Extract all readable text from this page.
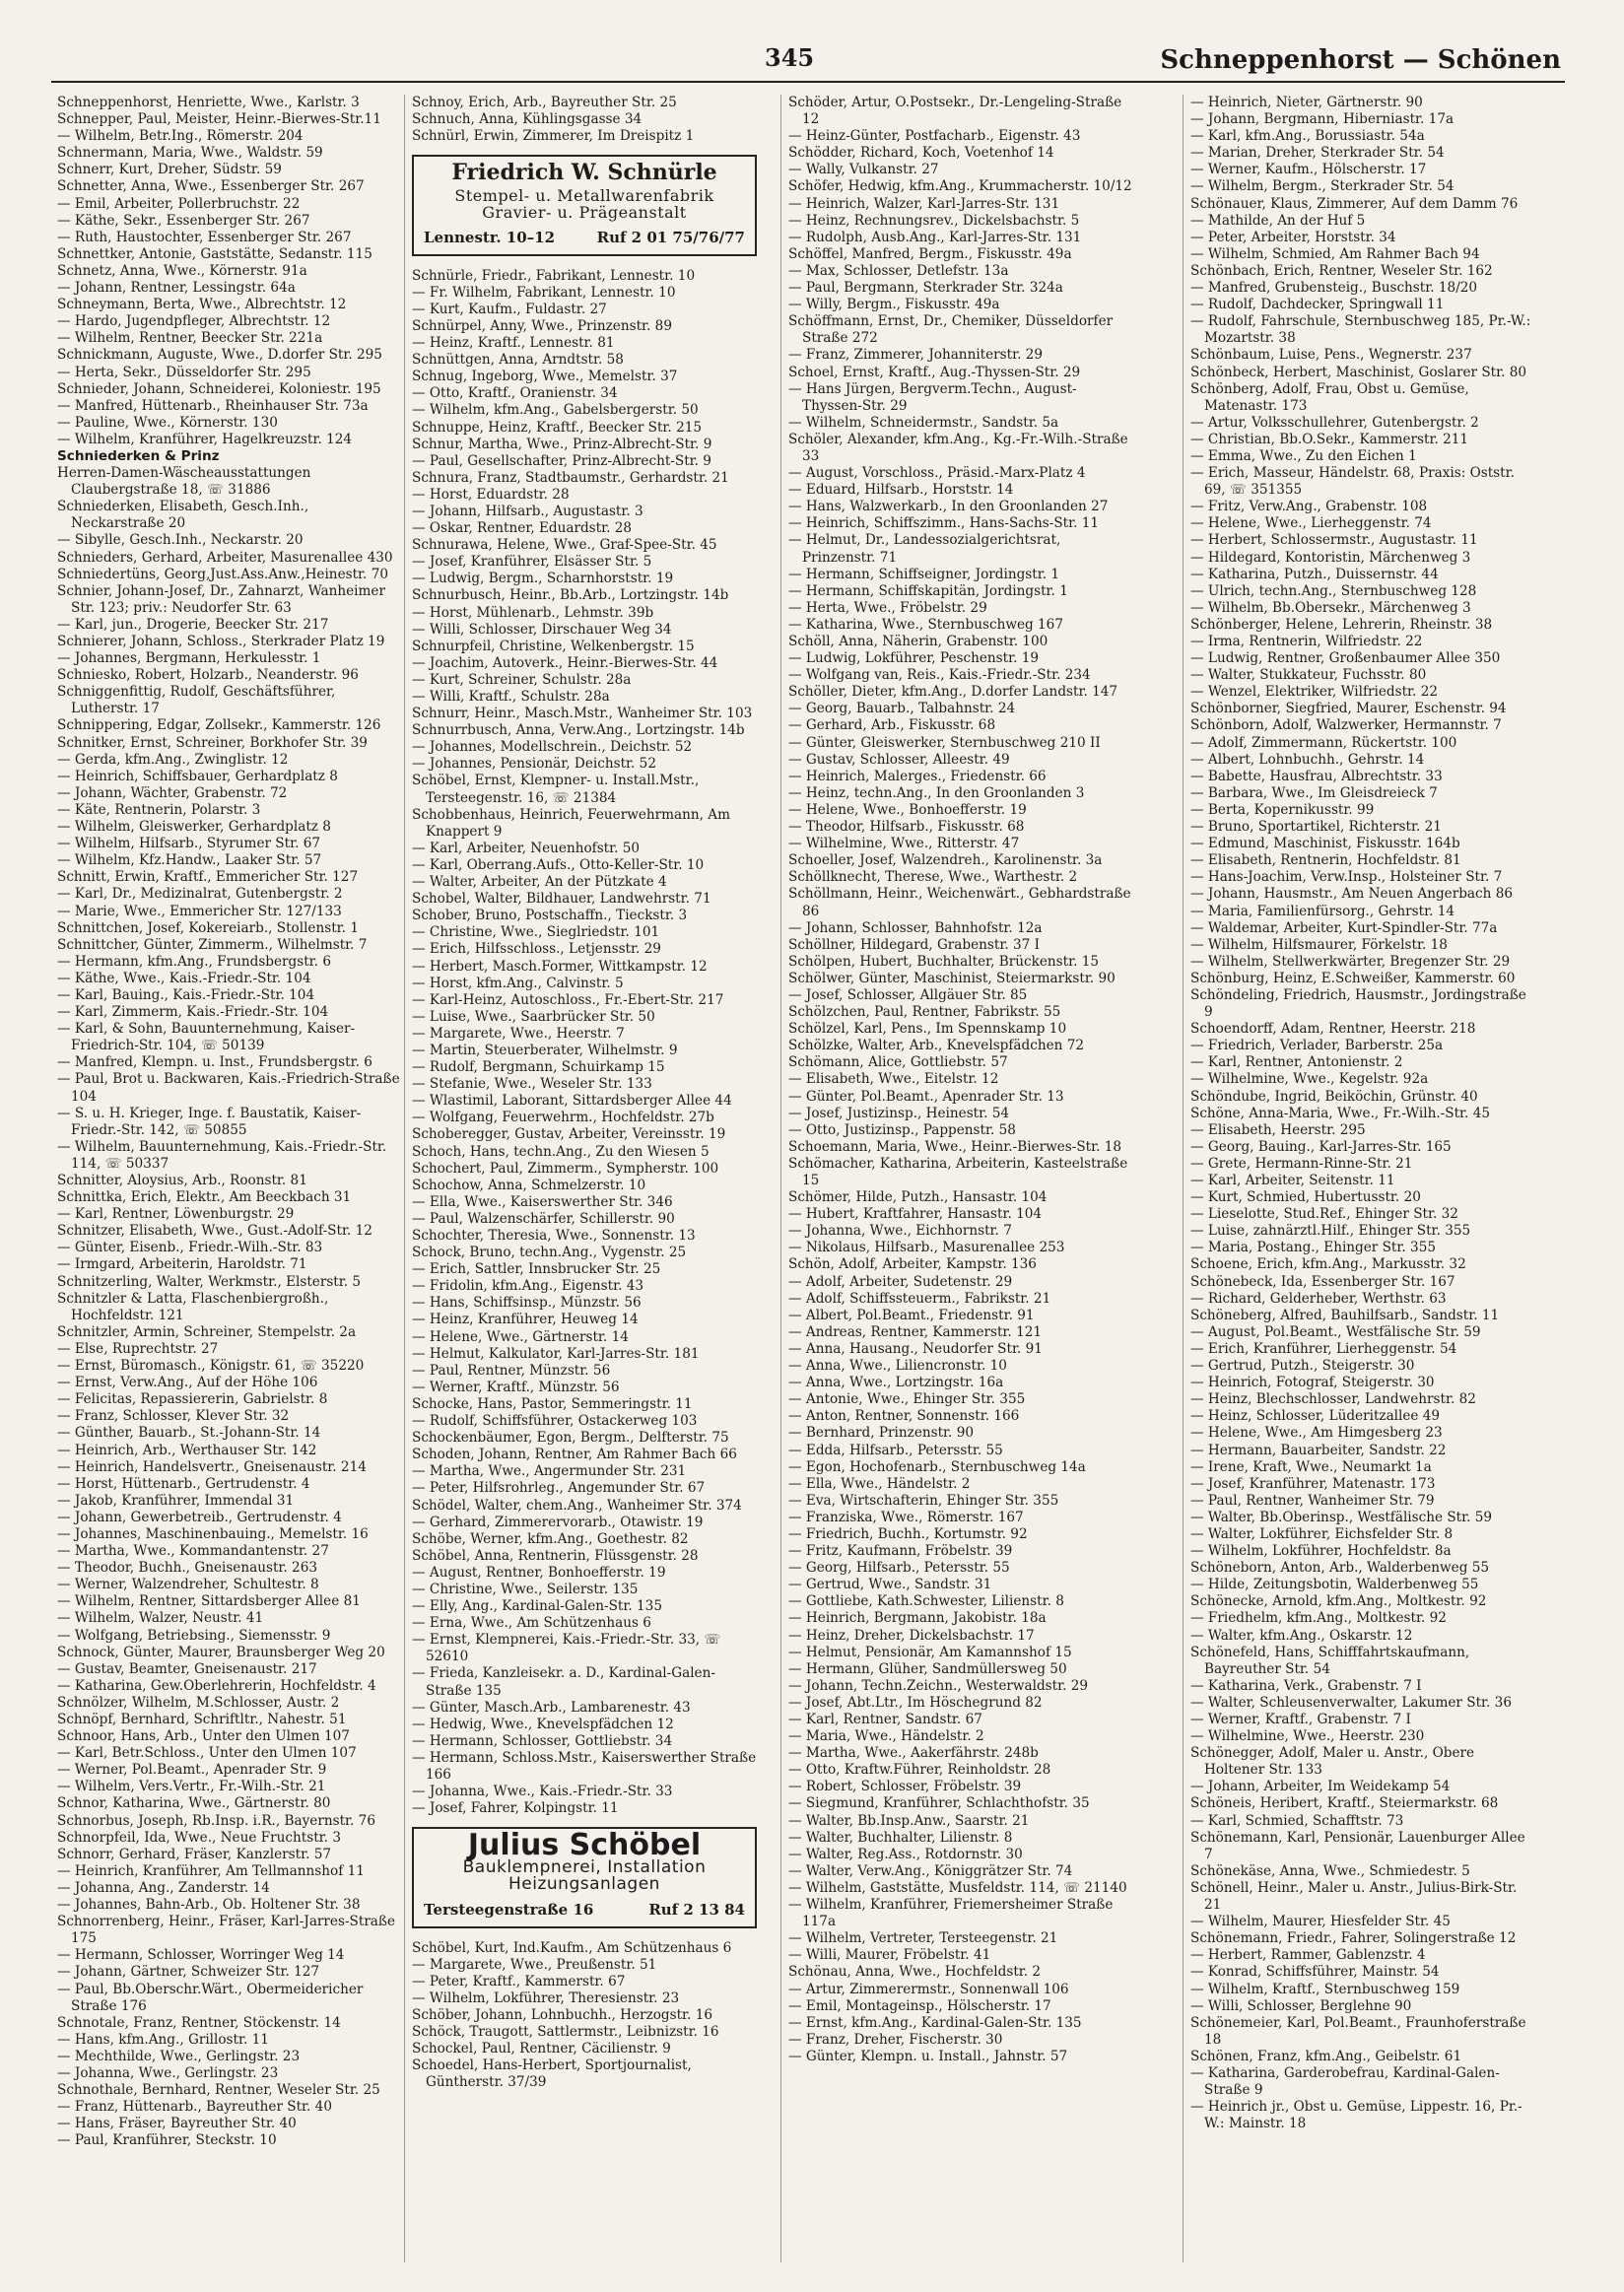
345	Schneppenhorst — Schönen

Schneppenhorst, Henriette, Wwe., Karlstr. 3

Schnepper, Paul, Meister, Heinr.-Bierwes-Str.11

— Wilhelm, Betr.Ing., Römerstr. 204

Schnermann, Maria, Wwe., Waldstr. 59

Schnerr, Kurt, Dreher, Südstr. 59

Schnetter, Anna, Wwe., Essenberger Str. 267

— Emil, Arbeiter, Pollerbruchstr. 22

— Käthe, Sekr., Essenberger Str. 267

— Ruth, Haustochter, Essenberger Str. 267

Schnettker, Antonie, Gaststätte, Sedanstr. 115

Schnetz, Anna, Wwe., Körnerstr. 91a

— Johann, Rentner, Lessingstr. 64a

Schneymann, Berta, Wwe., Albrechtstr. 12

— Hardo, Jugendpfleger, Albrechtstr. 12

— Wilhelm, Rentner, Beecker Str. 221a

Schnickmann, Auguste, Wwe., D.dorfer Str. 295

— Herta, Sekr., Düsseldorfer Str. 295

Schnieder, Johann, Schneiderei, Koloniestr. 195

— Manfred, Hüttenarb., Rheinhauser Str. 73a

— Pauline, Wwe., Körnerstr. 130

— Wilhelm, Kranführer, Hagelkreuzstr. 124

Schniederken & Prinz

Herren-Damen-Wäscheausstattungen Claubergstraße 18, ☏ 31886

Schniederken, Elisabeth, Gesch.Inh., Neckarstraße 20

— Sibylle, Gesch.Inh., Neckarstr. 20

Schnieders, Gerhard, Arbeiter, Masurenallee 430

Schniedertüns, Georg,Just.Ass.Anw.,Heinestr. 70

Schnier, Johann-Josef, Dr., Zahnarzt, Wanheimer Str. 123; priv.: Neudorfer Str. 63

— Karl, jun., Drogerie, Beecker Str. 217

Schnierer, Johann, Schloss., Sterkrader Platz 19

— Johannes, Bergmann, Herkulesstr. 1

Schniesko, Robert, Holzarb., Neanderstr. 96

Schniggenfittig, Rudolf, Geschäftsführer, Lutherstr. 17

Schnippering, Edgar, Zollsekr., Kammerstr. 126

Schnitker, Ernst, Schreiner, Borkhofer Str. 39

— Gerda, kfm.Ang., Zwinglistr. 12

— Heinrich, Schiffsbauer, Gerhardplatz 8

— Johann, Wächter, Grabenstr. 72

— Käte, Rentnerin, Polarstr. 3

— Wilhelm, Gleiswerker, Gerhardplatz 8

— Wilhelm, Hilfsarb., Styrumer Str. 67

— Wilhelm, Kfz.Handw., Laaker Str. 57

Schnitt, Erwin, Kraftf., Emmericher Str. 127

— Karl, Dr., Medizinalrat, Gutenbergstr. 2

— Marie, Wwe., Emmericher Str. 127/133

Schnittchen, Josef, Kokereiarb., Stollenstr. 1

Schnittcher, Günter, Zimmerm., Wilhelmstr. 7

— Hermann, kfm.Ang., Frundsbergstr. 6

— Käthe, Wwe., Kais.-Friedr.-Str. 104

— Karl, Bauing., Kais.-Friedr.-Str. 104

— Karl, Zimmerm, Kais.-Friedr.-Str. 104

— Karl, & Sohn, Bauunternehmung, Kaiser-Friedrich-Str. 104, ☏ 50139

— Manfred, Klempn. u. Inst., Frundsbergstr. 6

— Paul, Brot u. Backwaren, Kais.-Friedrich-Straße 104

— S. u. H. Krieger, Inge. f. Baustatik, Kaiser-Friedr.-Str. 142, ☏ 50855

— Wilhelm, Bauunternehmung, Kais.-Friedr.-Str. 114, ☏ 50337

Schnitter, Aloysius, Arb., Roonstr. 81

Schnittka, Erich, Elektr., Am Beeckbach 31

— Karl, Rentner, Löwenburgstr. 29

Schnitzer, Elisabeth, Wwe., Gust.-Adolf-Str. 12

— Günter, Eisenb., Friedr.-Wilh.-Str. 83

— Irmgard, Arbeiterin, Haroldstr. 71

Schnitzerling, Walter, Werkmstr., Elsterstr. 5

Schnitzler & Latta, Flaschenbiergroßh., Hochfeldstr. 121

Schnitzler, Armin, Schreiner, Stempelstr. 2a

— Else, Ruprechtstr. 27

— Ernst, Büromasch., Königstr. 61, ☏ 35220

— Ernst, Verw.Ang., Auf der Höhe 106

— Felicitas, Repassiererin, Gabrielstr. 8

— Franz, Schlosser, Klever Str. 32

— Günther, Bauarb., St.-Johann-Str. 14

— Heinrich, Arb., Werthauser Str. 142

— Heinrich, Handelsvertr., Gneisenaustr. 214

— Horst, Hüttenarb., Gertrudenstr. 4

— Jakob, Kranführer, Immendal 31

— Johann, Gewerbetreib., Gertrudenstr. 4

— Johannes, Maschinenbauing., Memelstr. 16

— Martha, Wwe., Kommandantenstr. 27

— Theodor, Buchh., Gneisenaustr. 263

— Werner, Walzendreher, Schultestr. 8

— Wilhelm, Rentner, Sittardsberger Allee 81

— Wilhelm, Walzer, Neustr. 41

— Wolfgang, Betriebsing., Siemensstr. 9

Schnock, Günter, Maurer, Braunsberger Weg 20

— Gustav, Beamter, Gneisenaustr. 217

— Katharina, Gew.Oberlehrerin, Hochfeldstr. 4

Schnölzer, Wilhelm, M.Schlosser, Austr. 2

Schnöpf, Bernhard, Schriftltr., Nahestr. 51

Schnoor, Hans, Arb., Unter den Ulmen 107

— Karl, Betr.Schloss., Unter den Ulmen 107

— Werner, Pol.Beamt., Apenrader Str. 9

— Wilhelm, Vers.Vertr., Fr.-Wilh.-Str. 21

Schnor, Katharina, Wwe., Gärtnerstr. 80

Schnorbus, Joseph, Rb.Insp. i.R., Bayernstr. 76

Schnorpfeil, Ida, Wwe., Neue Fruchtstr. 3

Schnorr, Gerhard, Fräser, Kanzlerstr. 57

— Heinrich, Kranführer, Am Tellmannshof 11

— Johanna, Ang., Zanderstr. 14

— Johannes, Bahn-Arb., Ob. Holtener Str. 38

Schnorrenberg, Heinr., Fräser, Karl-Jarres-Straße 175

— Hermann, Schlosser, Worringer Weg 14

— Johann, Gärtner, Schweizer Str. 127

— Paul, Bb.Oberschr.Wärt., Obermeidericher Straße 176

Schnotale, Franz, Rentner, Stöckenstr. 14

— Hans, kfm.Ang., Grillostr. 11

— Mechthilde, Wwe., Gerlingstr. 23

— Johanna, Wwe., Gerlingstr. 23

Schnothale, Bernhard, Rentner, Weseler Str. 25

— Franz, Hüttenarb., Bayreuther Str. 40

— Hans, Fräser, Bayreuther Str. 40

— Paul, Kranführer, Steckstr. 10

Schnoy, Erich, Arb., Bayreuther Str. 25

Schnuch, Anna, Kühlingsgasse 34

Schnürl, Erwin, Zimmerer, Im Dreispitz 1

Friedrich W. Schnürle
Stempel- u. Metallwarenfabrik
Gravier- u. Prägeanstalt
Lennestr. 10–12	Ruf 2 01 75/76/77

Schnürle, Friedr., Fabrikant, Lennestr. 10

— Fr. Wilhelm, Fabrikant, Lennestr. 10

— Kurt, Kaufm., Fuldastr. 27

Schnürpel, Anny, Wwe., Prinzenstr. 89

— Heinz, Kraftf., Lennestr. 81

Schnüttgen, Anna, Arndtstr. 58

Schnug, Ingeborg, Wwe., Memelstr. 37

— Otto, Kraftf., Oranienstr. 34

— Wilhelm, kfm.Ang., Gabelsbergerstr. 50

Schnuppe, Heinz, Kraftf., Beecker Str. 215

Schnur, Martha, Wwe., Prinz-Albrecht-Str. 9

— Paul, Gesellschafter, Prinz-Albrecht-Str. 9

Schnura, Franz, Stadtbaumstr., Gerhardstr. 21

— Horst, Eduardstr. 28

— Johann, Hilfsarb., Augustastr. 3

— Oskar, Rentner, Eduardstr. 28

Schnurawa, Helene, Wwe., Graf-Spee-Str. 45

— Josef, Kranführer, Elsässer Str. 5

— Ludwig, Bergm., Scharnhorststr. 19

Schnurbusch, Heinr., Bb.Arb., Lortzingstr. 14b

— Horst, Mühlenarb., Lehmstr. 39b

— Willi, Schlosser, Dirschauer Weg 34

Schnurpfeil, Christine, Welkenbergstr. 15

— Joachim, Autoverk., Heinr.-Bierwes-Str. 44

— Kurt, Schreiner, Schulstr. 28a

— Willi, Kraftf., Schulstr. 28a

Schnurr, Heinr., Masch.Mstr., Wanheimer Str. 103

Schnurrbusch, Anna, Verw.Ang., Lortzingstr. 14b

— Johannes, Modellschrein., Deichstr. 52

— Johannes, Pensionär, Deichstr. 52

Schöbel, Ernst, Klempner- u. Install.Mstr., Tersteegenstr. 16, ☏ 21384

Schobbenhaus, Heinrich, Feuerwehrmann, Am Knappert 9

— Karl, Arbeiter, Neuenhofstr. 50

— Karl, Oberrang.Aufs., Otto-Keller-Str. 10

— Walter, Arbeiter, An der Pützkate 4

Schobel, Walter, Bildhauer, Landwehrstr. 71

Schober, Bruno, Postschaffn., Tieckstr. 3

— Christine, Wwe., Sieglriedstr. 101

— Erich, Hilfsschloss., Letjensstr. 29

— Herbert, Masch.Former, Wittkampstr. 12

— Horst, kfm.Ang., Calvinstr. 5

— Karl-Heinz, Autoschloss., Fr.-Ebert-Str. 217

— Luise, Wwe., Saarbrücker Str. 50

— Margarete, Wwe., Heerstr. 7

— Martin, Steuerberater, Wilhelmstr. 9

— Rudolf, Bergmann, Schuirkamp 15

— Stefanie, Wwe., Weseler Str. 133

— Wlastimil, Laborant, Sittardsberger Allee 44

— Wolfgang, Feuerwehrm., Hochfeldstr. 27b

Schoberegger, Gustav, Arbeiter, Vereinsstr. 19

Schoch, Hans, techn.Ang., Zu den Wiesen 5

Schochert, Paul, Zimmerm., Sympherstr. 100

Schochow, Anna, Schmelzerstr. 10

— Ella, Wwe., Kaiserswerther Str. 346

— Paul, Walzenschärfer, Schillerstr. 90

Schochter, Theresia, Wwe., Sonnenstr. 13

Schock, Bruno, techn.Ang., Vygenstr. 25

— Erich, Sattler, Innsbrucker Str. 25

— Fridolin, kfm.Ang., Eigenstr. 43

— Hans, Schiffsinsp., Münzstr. 56

— Heinz, Kranführer, Heuweg 14

— Helene, Wwe., Gärtnerstr. 14

— Helmut, Kalkulator, Karl-Jarres-Str. 181

— Paul, Rentner, Münzstr. 56

— Werner, Kraftf., Münzstr. 56

Schocke, Hans, Pastor, Semmeringstr. 11

— Rudolf, Schiffsführer, Ostackerweg 103

Schockenbäumer, Egon, Bergm., Delfterstr. 75

Schoden, Johann, Rentner, Am Rahmer Bach 66

— Martha, Wwe., Angermunder Str. 231

— Peter, Hilfsrohrleg., Angemunder Str. 67

Schödel, Walter, chem.Ang., Wanheimer Str. 374

— Gerhard, Zimmerervorarb., Otawistr. 19

Schöbe, Werner, kfm.Ang., Goethestr. 82

Schöbel, Anna, Rentnerin, Flüssgenstr. 28

— August, Rentner, Bonhoefferstr. 19

— Christine, Wwe., Seilerstr. 135

— Elly, Ang., Kardinal-Galen-Str. 135

— Erna, Wwe., Am Schützenhaus 6

— Ernst, Klempnerei, Kais.-Friedr.-Str. 33, ☏ 52610

— Frieda, Kanzleisekr. a. D., Kardinal-Galen-Straße 135

— Günter, Masch.Arb., Lambarenestr. 43

— Hedwig, Wwe., Knevelspfädchen 12

— Hermann, Schlosser, Gottliebstr. 34

— Hermann, Schloss.Mstr., Kaiserswerther Straße 166

— Johanna, Wwe., Kais.-Friedr.-Str. 33

— Josef, Fahrer, Kolpingstr. 11

Julius Schöbel
Bauklempnerei, Installation
Heizungsanlagen
Tersteegenstraße 16	Ruf 2 13 84

Schöbel, Kurt, Ind.Kaufm., Am Schützenhaus 6

— Margarete, Wwe., Preußenstr. 51

— Peter, Kraftf., Kammerstr. 67

— Wilhelm, Lokführer, Theresienstr. 23

Schöber, Johann, Lohnbuchh., Herzogstr. 16

Schöck, Traugott, Sattlermstr., Leibnizstr. 16

Schockel, Paul, Rentner, Cäcilienstr. 9

Schoedel, Hans-Herbert, Sportjournalist, Güntherstr. 37/39

Schöder, Artur, O.Postsekr., Dr.-Lengeling-Straße 12

— Heinz-Günter, Postfacharb., Eigenstr. 43

Schödder, Richard, Koch, Voetenhof 14

— Wally, Vulkanstr. 27

Schöfer, Hedwig, kfm.Ang., Krummacherstr. 10/12

— Heinrich, Walzer, Karl-Jarres-Str. 131

— Heinz, Rechnungsrev., Dickelsbachstr. 5

— Rudolph, Ausb.Ang., Karl-Jarres-Str. 131

Schöffel, Manfred, Bergm., Fiskusstr. 49a

— Max, Schlosser, Detlefstr. 13a

— Paul, Bergmann, Sterkrader Str. 324a

— Willy, Bergm., Fiskusstr. 49a

Schöffmann, Ernst, Dr., Chemiker, Düsseldorfer Straße 272

— Franz, Zimmerer, Johanniterstr. 29

Schoel, Ernst, Kraftf., Aug.-Thyssen-Str. 29

— Hans Jürgen, Bergverm.Techn., August-Thyssen-Str. 29

— Wilhelm, Schneidermstr., Sandstr. 5a

Schöler, Alexander, kfm.Ang., Kg.-Fr.-Wilh.-Straße 33

— August, Vorschloss., Präsid.-Marx-Platz 4

— Eduard, Hilfsarb., Horststr. 14

— Hans, Walzwerkarb., In den Groonlanden 27

— Heinrich, Schiffszimm., Hans-Sachs-Str. 11

— Helmut, Dr., Landessozialgerichtsrat, Prinzenstr. 71

— Hermann, Schiffseigner, Jordingstr. 1

— Hermann, Schiffskapitän, Jordingstr. 1

— Herta, Wwe., Fröbelstr. 29

— Katharina, Wwe., Sternbuschweg 167

Schöll, Anna, Näherin, Grabenstr. 100

— Ludwig, Lokführer, Peschenstr. 19

— Wolfgang van, Reis., Kais.-Friedr.-Str. 234

Schöller, Dieter, kfm.Ang., D.dorfer Landstr. 147

— Georg, Bauarb., Talbahnstr. 24

— Gerhard, Arb., Fiskusstr. 68

— Günter, Gleiswerker, Sternbuschweg 210 II

— Gustav, Schlosser, Alleestr. 49

— Heinrich, Malerges., Friedenstr. 66

— Heinz, techn.Ang., In den Groonlanden 3

— Helene, Wwe., Bonhoefferstr. 19

— Theodor, Hilfsarb., Fiskusstr. 68

— Wilhelmine, Wwe., Ritterstr. 47

Schoeller, Josef, Walzendreh., Karolinenstr. 3a

Schöllknecht, Therese, Wwe., Warthestr. 2

Schöllmann, Heinr., Weichenwärt., Gebhardstraße 86

— Johann, Schlosser, Bahnhofstr. 12a

Schöllner, Hildegard, Grabenstr. 37 I

Schölpen, Hubert, Buchhalter, Brückenstr. 15

Schölwer, Günter, Maschinist, Steiermarkstr. 90

— Josef, Schlosser, Allgäuer Str. 85

Schölzchen, Paul, Rentner, Fabrikstr. 55

Schölzel, Karl, Pens., Im Spennskamp 10

Schölzke, Walter, Arb., Knevelspfädchen 72

Schömann, Alice, Gottliebstr. 57

— Elisabeth, Wwe., Eitelstr. 12

— Günter, Pol.Beamt., Apenrader Str. 13

— Josef, Justizinsp., Heinestr. 54

— Otto, Justizinsp., Pappenstr. 58

Schoemann, Maria, Wwe., Heinr.-Bierwes-Str. 18

Schömacher, Katharina, Arbeiterin, Kasteelstraße 15

Schömer, Hilde, Putzh., Hansastr. 104

— Hubert, Kraftfahrer, Hansastr. 104

— Johanna, Wwe., Eichhornstr. 7

— Nikolaus, Hilfsarb., Masurenallee 253

Schön, Adolf, Arbeiter, Kampstr. 136

— Adolf, Arbeiter, Sudetenstr. 29

— Adolf, Schiffssteuerm., Fabrikstr. 21

— Albert, Pol.Beamt., Friedenstr. 91

— Andreas, Rentner, Kammerstr. 121

— Anna, Hausang., Neudorfer Str. 91

— Anna, Wwe., Liliencronstr. 10

— Anna, Wwe., Lortzingstr. 16a

— Antonie, Wwe., Ehinger Str. 355

— Anton, Rentner, Sonnenstr. 166

— Bernhard, Prinzenstr. 90

— Edda, Hilfsarb., Petersstr. 55

— Egon, Hochofenarb., Sternbuschweg 14a

— Ella, Wwe., Händelstr. 2

— Eva, Wirtschafterin, Ehinger Str. 355

— Franziska, Wwe., Römerstr. 167

— Friedrich, Buchh., Kortumstr. 92

— Fritz, Kaufmann, Fröbelstr. 39

— Georg, Hilfsarb., Petersstr. 55

— Gertrud, Wwe., Sandstr. 31

— Gottliebe, Kath.Schwester, Lilienstr. 8

— Heinrich, Bergmann, Jakobistr. 18a

— Heinz, Dreher, Dickelsbachstr. 17

— Helmut, Pensionär, Am Kamannshof 15

— Hermann, Glüher, Sandmüllersweg 50

— Johann, Techn.Zeichn., Westerwaldstr. 29

— Josef, Abt.Ltr., Im Höschegrund 82

— Karl, Rentner, Sandstr. 67

— Maria, Wwe., Händelstr. 2

— Martha, Wwe., Aakerfährstr. 248b

— Otto, Kraftw.Führer, Reinholdstr. 28

— Robert, Schlosser, Fröbelstr. 39

— Siegmund, Kranführer, Schlachthofstr. 35

— Walter, Bb.Insp.Anw., Saarstr. 21

— Walter, Buchhalter, Lilienstr. 8

— Walter, Reg.Ass., Rotdornstr. 30

— Walter, Verw.Ang., Königgrätzer Str. 74

— Wilhelm, Gaststätte, Musfeldstr. 114, ☏ 21140

— Wilhelm, Kranführer, Friemersheimer Straße 117a

— Wilhelm, Vertreter, Tersteegenstr. 21

— Willi, Maurer, Fröbelstr. 41

Schönau, Anna, Wwe., Hochfeldstr. 2

— Artur, Zimmerermstr., Sonnenwall 106

— Emil, Montageinsp., Hölscherstr. 17

— Ernst, kfm.Ang., Kardinal-Galen-Str. 135

— Franz, Dreher, Fischerstr. 30

— Günter, Klempn. u. Install., Jahnstr. 57

— Heinrich, Nieter, Gärtnerstr. 90

— Johann, Bergmann, Hiberniastr. 17a

— Karl, kfm.Ang., Borussiastr. 54a

— Marian, Dreher, Sterkrader Str. 54

— Werner, Kaufm., Hölscherstr. 17

— Wilhelm, Bergm., Sterkrader Str. 54

Schönauer, Klaus, Zimmerer, Auf dem Damm 76

— Mathilde, An der Huf 5

— Peter, Arbeiter, Horststr. 34

— Wilhelm, Schmied, Am Rahmer Bach 94

Schönbach, Erich, Rentner, Weseler Str. 162

— Manfred, Grubensteig., Buschstr. 18/20

— Rudolf, Dachdecker, Springwall 11

— Rudolf, Fahrschule, Sternbuschweg 185, Pr.-W.: Mozartstr. 38

Schönbaum, Luise, Pens., Wegnerstr. 237

Schönbeck, Herbert, Maschinist, Goslarer Str. 80

Schönberg, Adolf, Frau, Obst u. Gemüse, Matenastr. 173

— Artur, Volksschullehrer, Gutenbergstr. 2

— Christian, Bb.O.Sekr., Kammerstr. 211

— Emma, Wwe., Zu den Eichen 1

— Erich, Masseur, Händelstr. 68, Praxis: Oststr. 69, ☏ 351355

— Fritz, Verw.Ang., Grabenstr. 108

— Helene, Wwe., Lierheggenstr. 74

— Herbert, Schlossermstr., Augustastr. 11

— Hildegard, Kontoristin, Märchenweg 3

— Katharina, Putzh., Duissernstr. 44

— Ulrich, techn.Ang., Sternbuschweg 128

— Wilhelm, Bb.Obersekr., Märchenweg 3

Schönberger, Helene, Lehrerin, Rheinstr. 38

— Irma, Rentnerin, Wilfriedstr. 22

— Ludwig, Rentner, Großenbaumer Allee 350

— Walter, Stukkateur, Fuchsstr. 80

— Wenzel, Elektriker, Wilfriedstr. 22

Schönborner, Siegfried, Maurer, Eschenstr. 94

Schönborn, Adolf, Walzwerker, Hermannstr. 7

— Adolf, Zimmermann, Rückertstr. 100

— Albert, Lohnbuchh., Gehrstr. 14

— Babette, Hausfrau, Albrechtstr. 33

— Barbara, Wwe., Im Gleisdreieck 7

— Berta, Kopernikusstr. 99

— Bruno, Sportartikel, Richterstr. 21

— Edmund, Maschinist, Fiskusstr. 164b

— Elisabeth, Rentnerin, Hochfeldstr. 81

— Hans-Joachim, Verw.Insp., Holsteiner Str. 7

— Johann, Hausmstr., Am Neuen Angerbach 86

— Maria, Familienfürsorg., Gehrstr. 14

— Waldemar, Arbeiter, Kurt-Spindler-Str. 77a

— Wilhelm, Hilfsmaurer, Förkelstr. 18

— Wilhelm, Stellwerkwärter, Bregenzer Str. 29

Schönburg, Heinz, E.Schweißer, Kammerstr. 60

Schöndeling, Friedrich, Hausmstr., Jordingstraße 9

Schoendorff, Adam, Rentner, Heerstr. 218

— Friedrich, Verlader, Barberstr. 25a

— Karl, Rentner, Antonienstr. 2

— Wilhelmine, Wwe., Kegelstr. 92a

Schöndube, Ingrid, Beiköchin, Grünstr. 40

Schöne, Anna-Maria, Wwe., Fr.-Wilh.-Str. 45

— Elisabeth, Heerstr. 295

— Georg, Bauing., Karl-Jarres-Str. 165

— Grete, Hermann-Rinne-Str. 21

— Karl, Arbeiter, Seitenstr. 11

— Kurt, Schmied, Hubertusstr. 20

— Lieselotte, Stud.Ref., Ehinger Str. 32

— Luise, zahnärztl.Hilf., Ehinger Str. 355

— Maria, Postang., Ehinger Str. 355

Schoene, Erich, kfm.Ang., Markusstr. 32

Schönebeck, Ida, Essenberger Str. 167

— Richard, Gelderheber, Werthstr. 63

Schöneberg, Alfred, Bauhilfsarb., Sandstr. 11

— August, Pol.Beamt., Westfälische Str. 59

— Erich, Kranführer, Lierheggenstr. 54

— Gertrud, Putzh., Steigerstr. 30

— Heinrich, Fotograf, Steigerstr. 30

— Heinz, Blechschlosser, Landwehrstr. 82

— Heinz, Schlosser, Lüderitzallee 49

— Helene, Wwe., Am Himgesberg 23

— Hermann, Bauarbeiter, Sandstr. 22

— Irene, Kraft, Wwe., Neumarkt 1a

— Josef, Kranführer, Matenastr. 173

— Paul, Rentner, Wanheimer Str. 79

— Walter, Bb.Oberinsp., Westfälische Str. 59

— Walter, Lokführer, Eichsfelder Str. 8

— Wilhelm, Lokführer, Hochfeldstr. 8a

Schöneborn, Anton, Arb., Walderbenweg 55

— Hilde, Zeitungsbotin, Walderbenweg 55

Schönecke, Arnold, kfm.Ang., Moltkestr. 92

— Friedhelm, kfm.Ang., Moltkestr. 92

— Walter, kfm.Ang., Oskarstr. 12

Schönefeld, Hans, Schifffahrtskaufmann, Bayreuther Str. 54

— Katharina, Verk., Grabenstr. 7 I

— Walter, Schleusenverwalter, Lakumer Str. 36

— Werner, Kraftf., Grabenstr. 7 I

— Wilhelmine, Wwe., Heerstr. 230

Schönegger, Adolf, Maler u. Anstr., Obere Holtener Str. 133

— Johann, Arbeiter, Im Weidekamp 54

Schöneis, Heribert, Kraftf., Steiermarkstr. 68

— Karl, Schmied, Schafftstr. 73

Schönemann, Karl, Pensionär, Lauenburger Allee 7

Schönekäse, Anna, Wwe., Schmiedestr. 5

Schönell, Heinr., Maler u. Anstr., Julius-Birk-Str. 21

— Wilhelm, Maurer, Hiesfelder Str. 45

Schönemann, Friedr., Fahrer, Solingerstraße 12

— Herbert, Rammer, Gablenzstr. 4

— Konrad, Schiffsführer, Mainstr. 54

— Wilhelm, Kraftf., Sternbuschweg 159

— Willi, Schlosser, Berglehne 90

Schönemeier, Karl, Pol.Beamt., Fraunhoferstraße 18

Schönen, Franz, kfm.Ang., Geibelstr. 61

— Katharina, Garderobefrau, Kardinal-Galen-Straße 9

— Heinrich jr., Obst u. Gemüse, Lippestr. 16, Pr.-W.: Mainstr. 18
